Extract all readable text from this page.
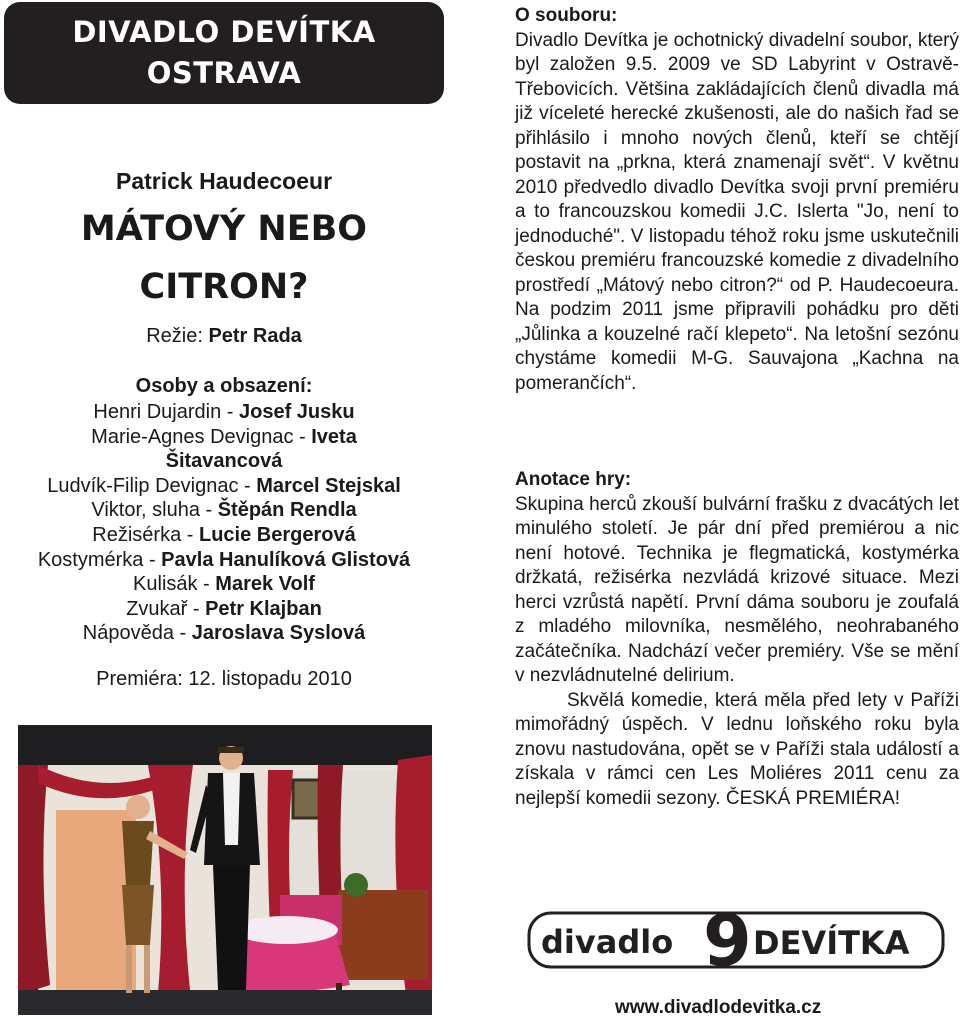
DIVADLO DEVÍTKA
OSTRAVA
Patrick Haudecoeur
MÁTOVÝ NEBO
CITRON?
Režie: Petr Rada
Osoby a obsazení:
Henri Dujardin - Josef Jusku
Marie-Agnes Devignac - Iveta
Šitavancová
Ludvík-Filip Devignac - Marcel Stejskal
Viktor, sluha - Štěpán Rendla
Režisérka - Lucie Bergerová
Kostymérka - Pavla Hanulíková Glistová
Kulisák - Marek Volf
Zvukař - Petr Klajban
Nápověda - Jaroslava Syslová
Premiéra: 12. listopadu 2010
O souboru:

Divadlo Devítka je ochotnický divadelní soubor, který byl založen 9.5. 2009 ve SD Labyrint v Ostravě-Třebovicích. Většina zakládajících členů divadla má již víceleté herecké zkušenosti, ale do našich řad se přihlásilo i mnoho nových členů, kteří se chtějí postavit na „prkna, která znamenají svět“. V květnu 2010 předvedlo divadlo Devítka svoji první premiéru a to francouzskou komedii J.C. Islerta "Jo, není to jednoduché". V listopadu téhož roku jsme uskutečnili českou premiéru francouzské komedie z divadelního prostředí „Mátový nebo citron?“ od P. Haudecoeura. Na podzim 2011 jsme připravili pohádku pro děti „Jůlinka a kouzelné račí klepeto“. Na letošní sezónu chystáme komedii M-G. Sauvajona „Kachna na pomerančích“.

Anotace hry:

Skupina herců zkouší bulvární frašku z dvacátých let minulého století. Je pár dní před premiérou a nic není hotové. Technika je flegmatická, kostymérka držkatá, režisérka nezvládá krizové situace. Mezi herci vzrůstá napětí. První dáma souboru je zoufalá z mladého milovníka, nesmělého, neohrabaného začátečníka. Nadchází večer premiéry. Vše se mění v nezvládnutelné delirium.

Skvělá komedie, která měla před lety v Paříži mimořádný úspěch. V lednu loňského roku byla znovu nastudována, opět se v Paříži stala událostí a získala v rámci cen Les Moliéres 2011 cenu za nejlepší komedii sezony. ČESKÁ PREMIÉRA!

divadlo 9 DEVÍTKA
www.divadlodevitka.cz
